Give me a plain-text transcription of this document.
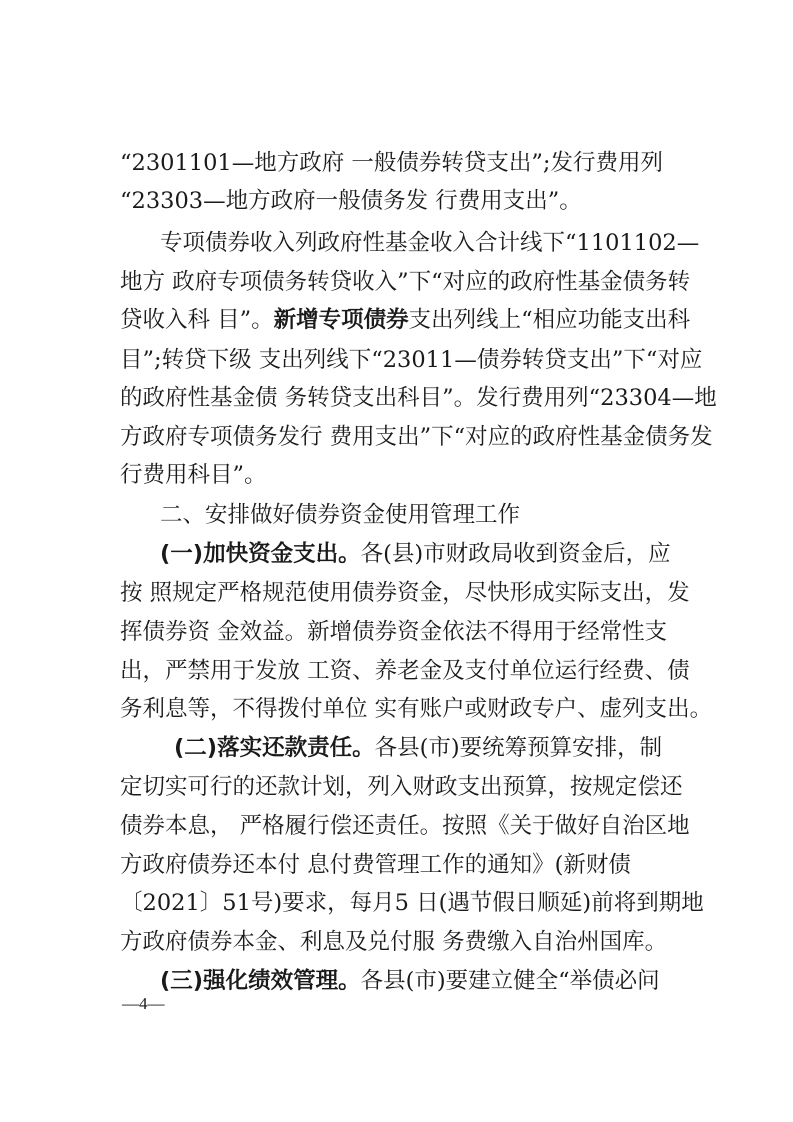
“2301101—地方政府 一般债券转贷支出”;发行费用列
“23303—地方政府一般债务发 行费用支出”。
专项债券收入列政府性基金收入合计线下“1101102—
地方 政府专项债务转贷收入”下“对应的政府性基金债务转
贷收入科 目”。新增专项债券支出列线上“相应功能支出科
目”;转贷下级 支出列线下“23011—债券转贷支出”下“对应
的政府性基金债 务转贷支出科目”。发行费用列“23304—地
方政府专项债务发行 费用支出”下“对应的政府性基金债务发
行费用科目”。
二、安排做好债券资金使用管理工作
(一)加快资金支出。各(县)市财政局收到资金后，应
按 照规定严格规范使用债券资金，尽快形成实际支出，发
挥债券资 金效益。新增债券资金依法不得用于经常性支
出，严禁用于发放 工资、养老金及支付单位运行经费、债
务利息等，不得拨付单位 实有账户或财政专户、虚列支出。
(二)落实还款责任。各县(市)要统筹预算安排，制
定切实可行的还款计划，列入财政支出预算，按规定偿还
债券本息， 严格履行偿还责任。按照《关于做好自治区地
方政府债券还本付 息付费管理工作的通知》(新财债
〔2021〕51号)要求，每月5 日(遇节假日顺延)前将到期地
方政府债券本金、利息及兑付服 务费缴入自治州国库。
(三)强化绩效管理。各县(市)要建立健全“举债必问
—4—
